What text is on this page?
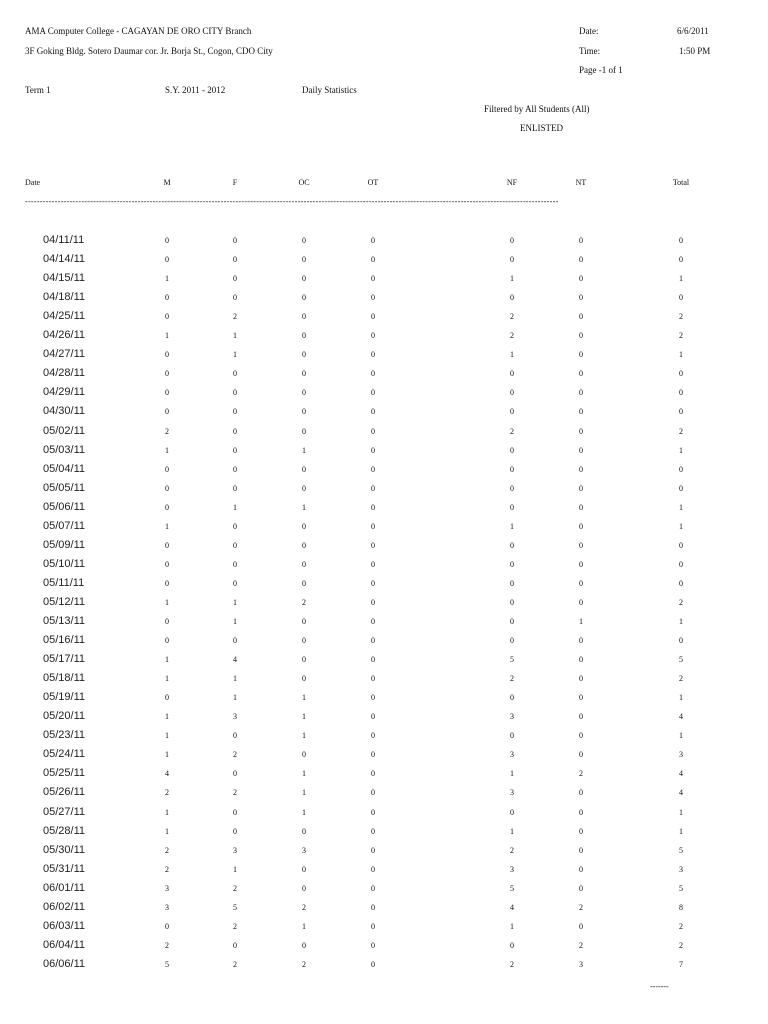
AMA Computer College - CAGAYAN DE ORO CITY Branch
3F Goking Bldg. Sotero Daumar cor. Jr. Borja St., Cogon, CDO City
Date:	6/6/2011
Time:	1:50 PM
Page -1 of 1
Term 1	S.Y. 2011 - 2012	Daily Statistics
Filtered by All Students (All)
ENLISTED
Date	M	F	OC	OT	NF	NT	Total
------------------------------------------------------------------------------------------------------------------------------------------------------------------------------------
04/11/11	0	0	0	0	0	0	0
04/14/11	0	0	0	0	0	0	0
04/15/11	1	0	0	0	1	0	1
04/18/11	0	0	0	0	0	0	0
04/25/11	0	2	0	0	2	0	2
04/26/11	1	1	0	0	2	0	2
04/27/11	0	1	0	0	1	0	1
04/28/11	0	0	0	0	0	0	0
04/29/11	0	0	0	0	0	0	0
04/30/11	0	0	0	0	0	0	0
05/02/11	2	0	0	0	2	0	2
05/03/11	1	0	1	0	0	0	1
05/04/11	0	0	0	0	0	0	0
05/05/11	0	0	0	0	0	0	0
05/06/11	0	1	1	0	0	0	1
05/07/11	1	0	0	0	1	0	1
05/09/11	0	0	0	0	0	0	0
05/10/11	0	0	0	0	0	0	0
05/11/11	0	0	0	0	0	0	0
05/12/11	1	1	2	0	0	0	2
05/13/11	0	1	0	0	0	1	1
05/16/11	0	0	0	0	0	0	0
05/17/11	1	4	0	0	5	0	5
05/18/11	1	1	0	0	2	0	2
05/19/11	0	1	1	0	0	0	1
05/20/11	1	3	1	0	3	0	4
05/23/11	1	0	1	0	0	0	1
05/24/11	1	2	0	0	3	0	3
05/25/11	4	0	1	0	1	2	4
05/26/11	2	2	1	0	3	0	4
05/27/11	1	0	1	0	0	0	1
05/28/11	1	0	0	0	1	0	1
05/30/11	2	3	3	0	2	0	5
05/31/11	2	1	0	0	3	0	3
06/01/11	3	2	0	0	5	0	5
06/02/11	3	5	2	0	4	2	8
06/03/11	0	2	1	0	1	0	2
06/04/11	2	0	0	0	0	2	2
06/06/11	5	2	2	0	2	3	7
-------
